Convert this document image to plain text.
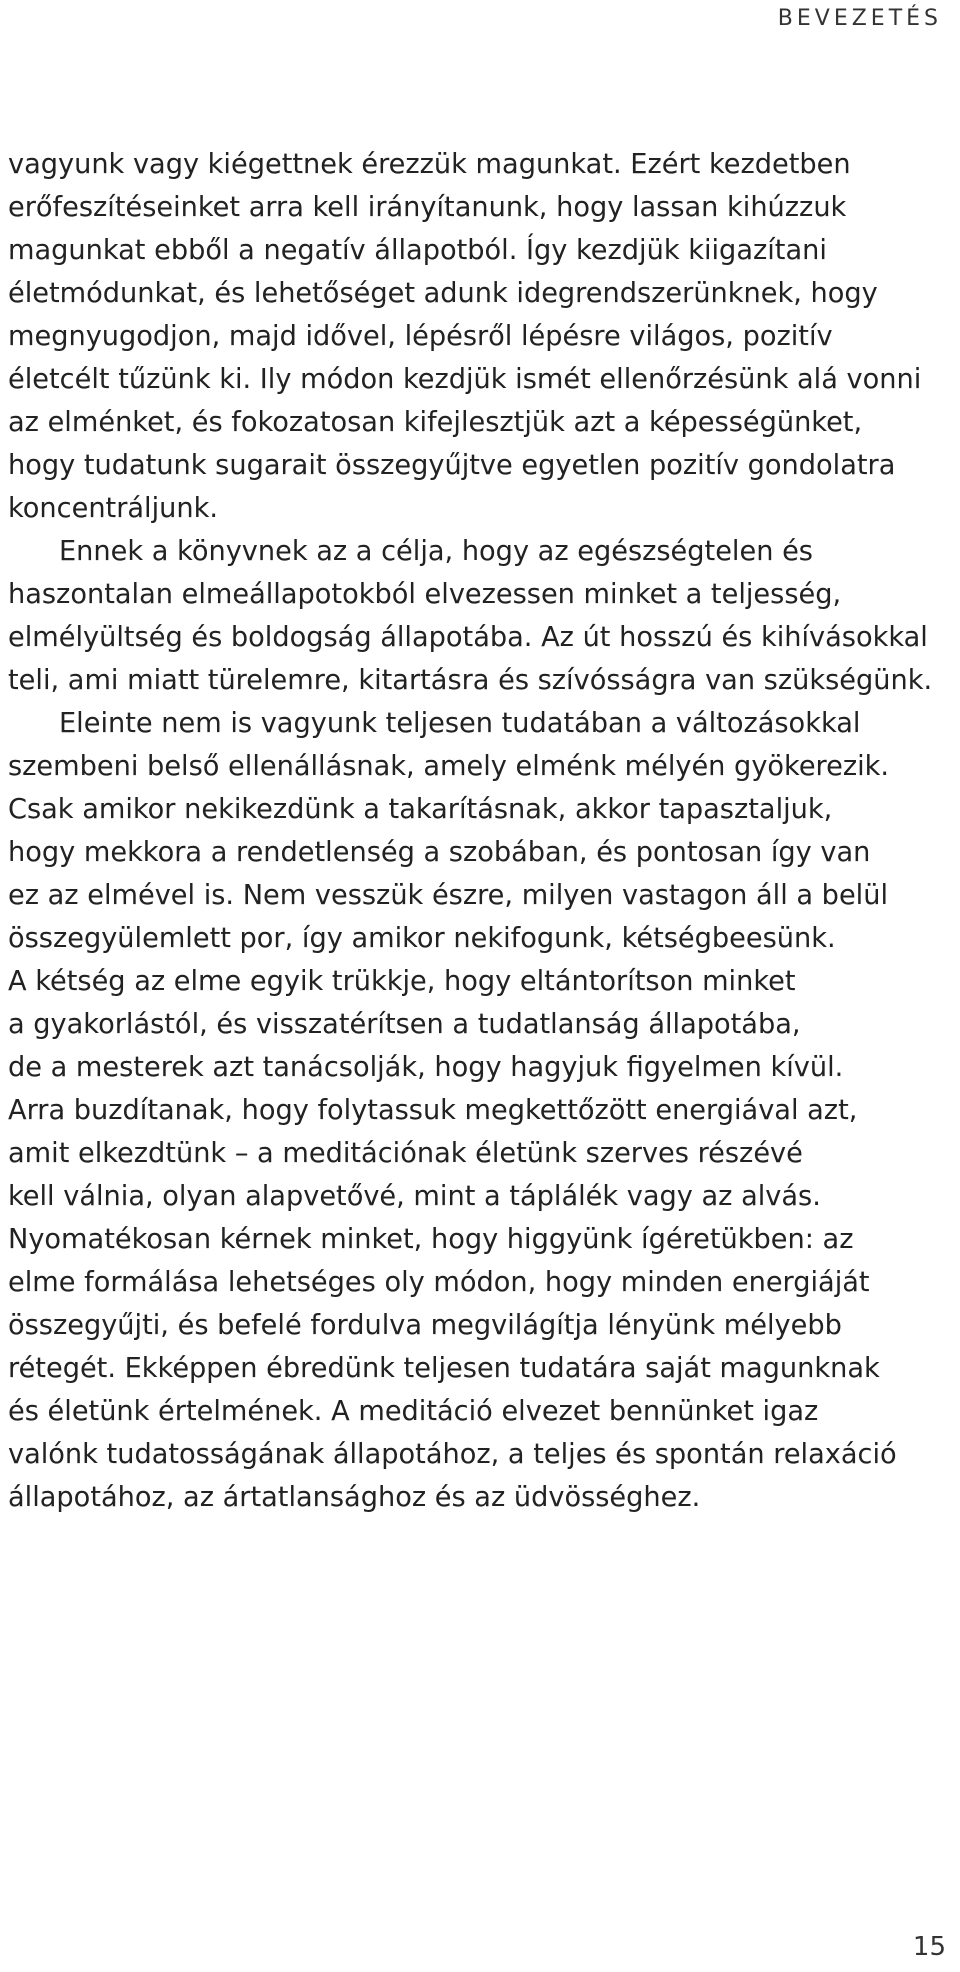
BEVEZETÉS
vagyunk vagy kiégettnek érezzük magunkat. Ezért kezdetben
erőfeszítéseinket arra kell irányítanunk, hogy lassan kihúzzuk
magunkat ebből a negatív állapotból. Így kezdjük kiigazítani
életmódunkat, és lehetőséget adunk idegrendszerünknek, hogy
megnyugodjon, majd idővel, lépésről lépésre világos, pozitív
életcélt tűzünk ki. Ily módon kezdjük ismét ellenőrzésünk alá vonni
az elménket, és fokozatosan kifejlesztjük azt a képességünket,
hogy tudatunk sugarait összegyűjtve egyetlen pozitív gondolatra
koncentráljunk.
Ennek a könyvnek az a célja, hogy az egészségtelen és
haszontalan elmeállapotokból elvezessen minket a teljesség,
elmélyültség és boldogság állapotába. Az út hosszú és kihívásokkal
teli, ami miatt türelemre, kitartásra és szívósságra van szükségünk.
Eleinte nem is vagyunk teljesen tudatában a változásokkal
szembeni belső ellenállásnak, amely elménk mélyén gyökerezik.
Csak amikor nekikezdünk a takarításnak, akkor tapasztaljuk,
hogy mekkora a rendetlenség a szobában, és pontosan így van
ez az elmével is. Nem vesszük észre, milyen vastagon áll a belül
összegyülemlett por, így amikor nekifogunk, kétségbeesünk.
A kétség az elme egyik trükkje, hogy eltántorítson minket
a gyakorlástól, és visszatérítsen a tudatlanság állapotába,
de a mesterek azt tanácsolják, hogy hagyjuk figyelmen kívül.
Arra buzdítanak, hogy folytassuk megkettőzött energiával azt,
amit elkezdtünk – a meditációnak életünk szerves részévé
kell válnia, olyan alapvetővé, mint a táplálék vagy az alvás.
Nyomatékosan kérnek minket, hogy higgyünk ígéretükben: az
elme formálása lehetséges oly módon, hogy minden energiáját
összegyűjti, és befelé fordulva megvilágítja lényünk mélyebb
rétegét. Ekképpen ébredünk teljesen tudatára saját magunknak
és életünk értelmének. A meditáció elvezet bennünket igaz
valónk tudatosságának állapotához, a teljes és spontán relaxáció
állapotához, az ártatlansághoz és az üdvösséghez.
15
